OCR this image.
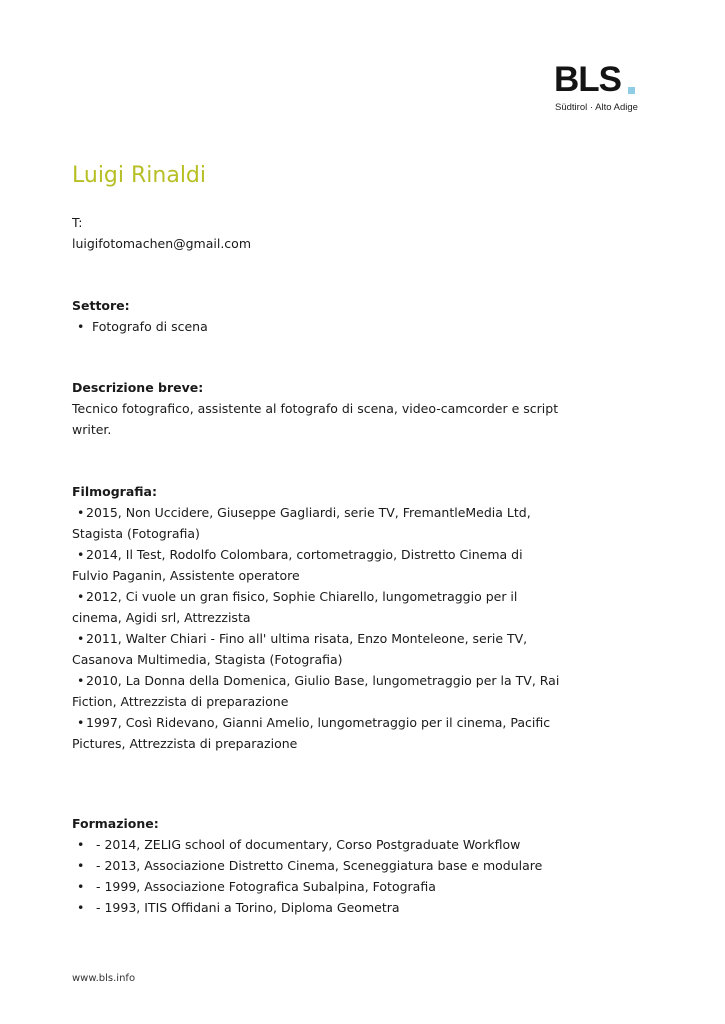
BLS
Südtirol · Alto Adige
Luigi Rinaldi
T:
luigifotomachen@gmail.com
Settore:
• Fotografo di scena
Descrizione breve:
Tecnico fotografico, assistente al fotografo di scena, video-camcorder e script writer.
Filmografia:
• 2015, Non Uccidere, Giuseppe Gagliardi, serie TV, FremantleMedia Ltd, Stagista (Fotografia)
• 2014, Il Test, Rodolfo Colombara, cortometraggio, Distretto Cinema di Fulvio Paganin, Assistente operatore
• 2012, Ci vuole un gran fisico, Sophie Chiarello, lungometraggio per il cinema, Agidi srl, Attrezzista
• 2011, Walter Chiari - Fino all' ultima risata, Enzo Monteleone, serie TV, Casanova Multimedia, Stagista (Fotografia)
• 2010, La Donna della Domenica, Giulio Base, lungometraggio per la TV, Rai Fiction, Attrezzista di preparazione
• 1997, Così Ridevano, Gianni Amelio, lungometraggio per il cinema, Pacific Pictures, Attrezzista di preparazione
Formazione:
• - 2014, ZELIG school of documentary, Corso Postgraduate Workflow
• - 2013, Associazione Distretto Cinema, Sceneggiatura base e modulare
• - 1999, Associazione Fotografica Subalpina, Fotografia
• - 1993, ITIS Offidani a Torino, Diploma Geometra
www.bls.info
